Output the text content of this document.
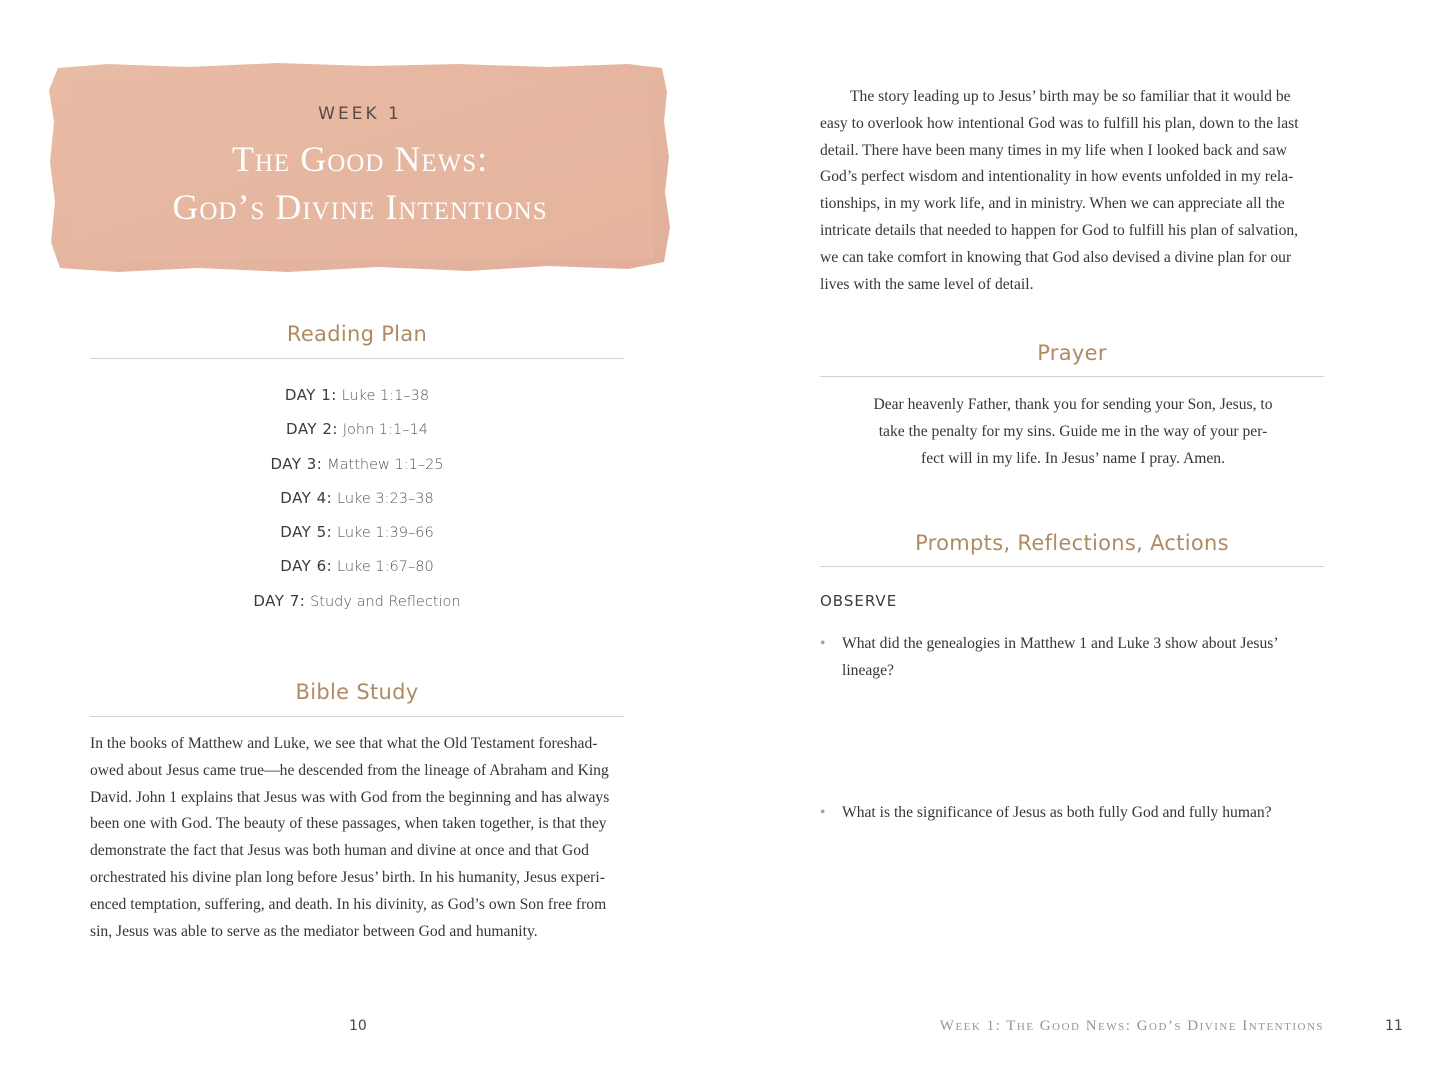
WEEK 1
The Good News:
God’s Divine Intentions
Reading Plan
DAY 1: Luke 1:1–38
DAY 2: John 1:1–14
DAY 3: Matthew 1:1–25
DAY 4: Luke 3:23–38
DAY 5: Luke 1:39–66
DAY 6: Luke 1:67–80
DAY 7: Study and Reflection
Bible Study

In the books of Matthew and Luke, we see that what the Old Testament foreshad-

owed about Jesus came true—he descended from the lineage of Abraham and King

David. John 1 explains that Jesus was with God from the beginning and has always

been one with God. The beauty of these passages, when taken together, is that they

demonstrate the fact that Jesus was both human and divine at once and that God

orchestrated his divine plan long before Jesus’ birth. In his humanity, Jesus experi-

enced temptation, suffering, and death. In his divinity, as God’s own Son free from

sin, Jesus was able to serve as the mediator between God and humanity.

10

The story leading up to Jesus’ birth may be so familiar that it would be

easy to overlook how intentional God was to fulfill his plan, down to the last

detail. There have been many times in my life when I looked back and saw

God’s perfect wisdom and intentionality in how events unfolded in my rela-

tionships, in my work life, and in ministry. When we can appreciate all the

intricate details that needed to happen for God to fulfill his plan of salvation,

we can take comfort in knowing that God also devised a divine plan for our

lives with the same level of detail.

Prayer
Dear heavenly Father, thank you for sending your Son, Jesus, to
take the penalty for my sins. Guide me in the way of your per-
fect will in my life. In Jesus’ name I pray. Amen.
Prompts, Reflections, Actions
OBSERVE
• What did the genealogies in Matthew 1 and Luke 3 show about Jesus’
lineage?
• What is the significance of Jesus as both fully God and fully human?
Week 1: The Good News: God’s Divine Intentions	11
